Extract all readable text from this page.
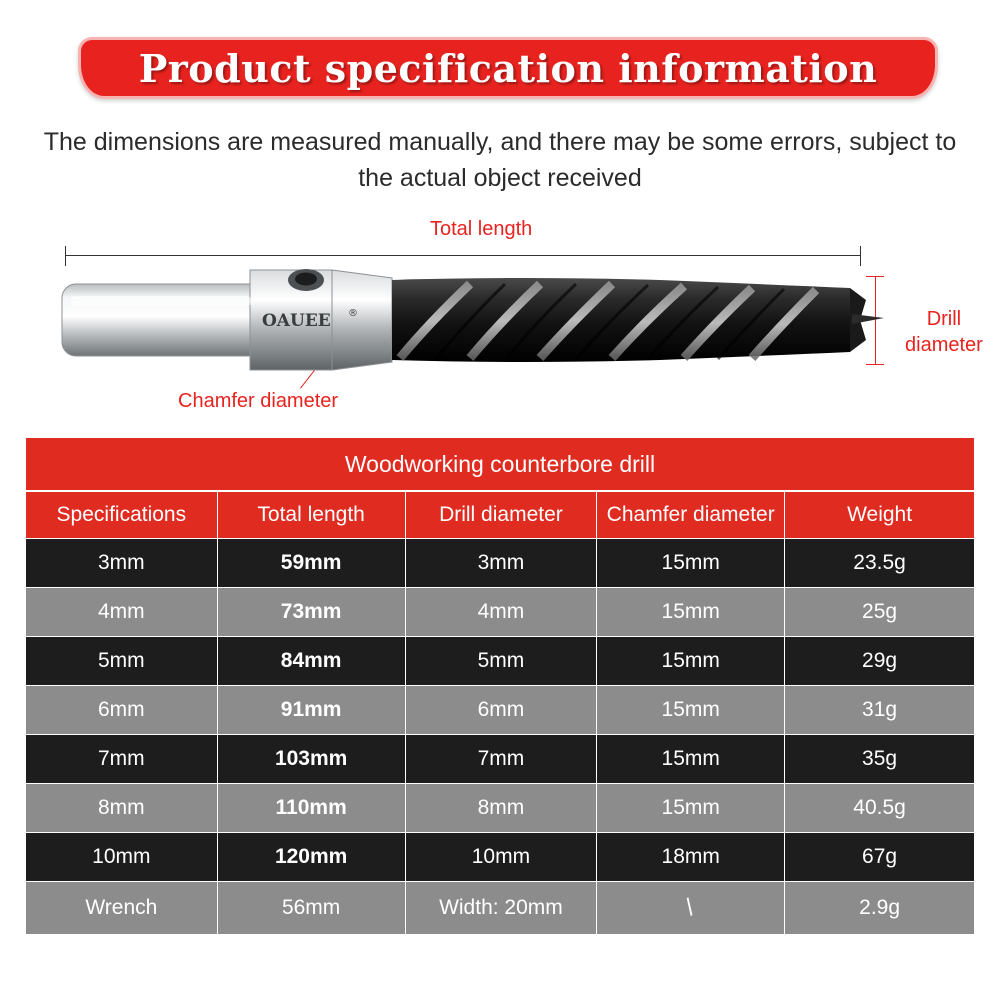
Product specification information
The dimensions are measured manually, and there may be some errors, subject to the actual object received
Total length
Drill
diameter
Chamfer diameter
OAUEE ®
Woodworking counterbore drill
Specifications	Total length	Drill diameter	Chamfer diameter	Weight
3mm	59mm	3mm	15mm	23.5g
4mm	73mm	4mm	15mm	25g
5mm	84mm	5mm	15mm	29g
6mm	91mm	6mm	15mm	31g
7mm	103mm	7mm	15mm	35g
8mm	110mm	8mm	15mm	40.5g
10mm	120mm	10mm	18mm	67g
Wrench	56mm	Width: 20mm	/	2.9g
